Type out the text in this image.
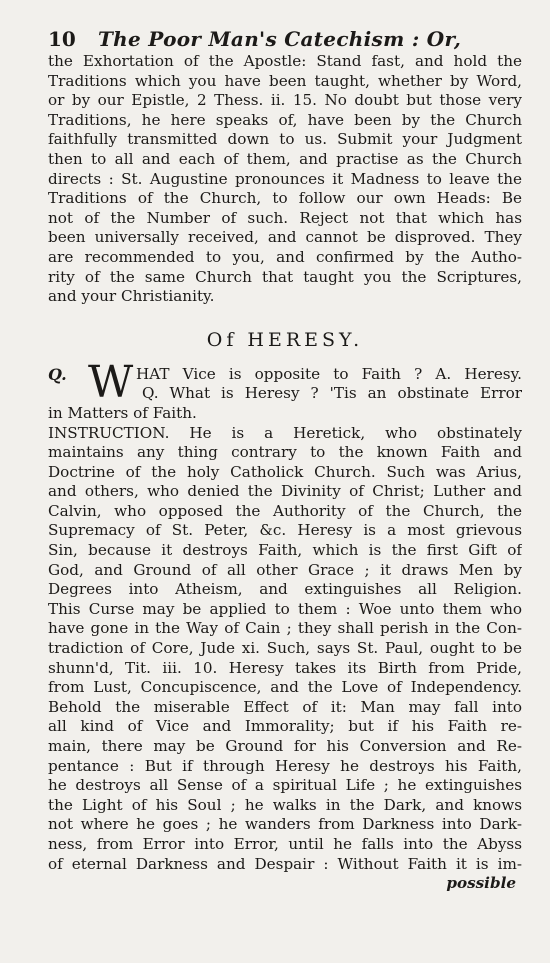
10	The Poor Man's Catechism : Or,
the Exhortation of the Apostle: Stand fast, and hold the
Traditions which you have been taught, whether by Word,
or by our Epistle, 2 Thess. ii. 15. No doubt but those very
Traditions, he here speaks of, have been by the Church
faithfully transmitted down to us. Submit your Judgment
then to all and each of them, and practise as the Church
directs : St. Augustine pronounces it Madness to leave the
Traditions of the Church, to follow our own Heads: Be
not of the Number of such. Reject not that which has
been universally received, and cannot be disproved. They
are recommended to you, and confirmed by the Autho-
rity of the same Church that taught you the Scriptures,
and your Christianity.
Of HERESY.
Q. W HAT Vice is opposite to Faith ? A. Heresy.
Q. What is Heresy ? 'Tis an obstinate Error
in Matters of Faith.
INSTRUCTION. He is a Heretick, who obstinately
maintains any thing contrary to the known Faith and
Doctrine of the holy Catholick Church. Such was Arius,
and others, who denied the Divinity of Christ; Luther and
Calvin, who opposed the Authority of the Church, the
Supremacy of St. Peter, &c. Heresy is a most grievous
Sin, because it destroys Faith, which is the first Gift of
God, and Ground of all other Grace ; it draws Men by
Degrees into Atheism, and extinguishes all Religion.
This Curse may be applied to them : Woe unto them who
have gone in the Way of Cain ; they shall perish in the Con-
tradiction of Core, Jude xi. Such, says St. Paul, ought to be
shunn'd, Tit. iii. 10. Heresy takes its Birth from Pride,
from Lust, Concupiscence, and the Love of Independency.
Behold the miserable Effect of it: Man may fall into
all kind of Vice and Immorality; but if his Faith re-
main, there may be Ground for his Conversion and Re-
pentance : But if through Heresy he destroys his Faith,
he destroys all Sense of a spiritual Life ; he extinguishes
the Light of his Soul ; he walks in the Dark, and knows
not where he goes ; he wanders from Darkness into Dark-
ness, from Error into Error, until he falls into the Abyss
of eternal Darkness and Despair : Without Faith it is im-
possible
